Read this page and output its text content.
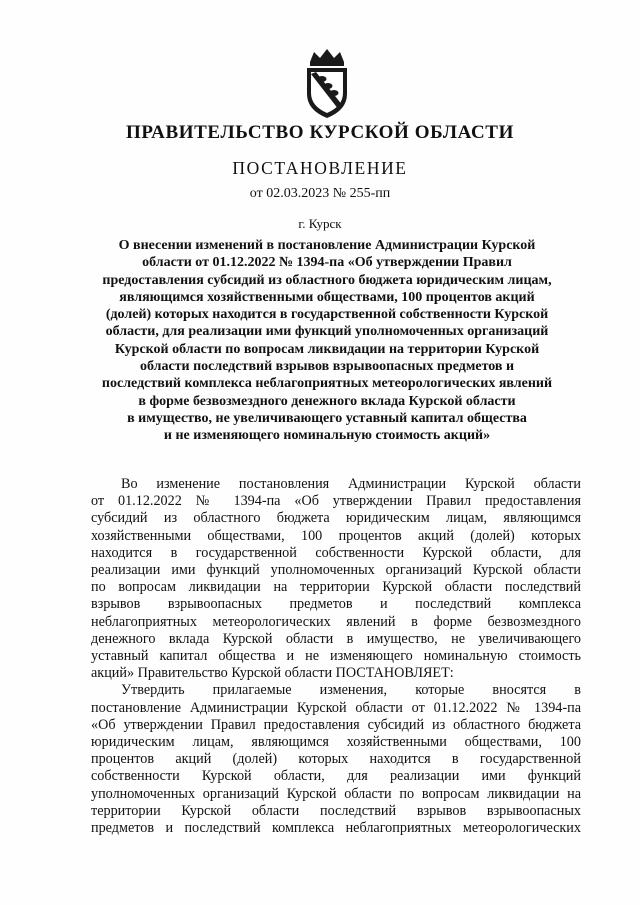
ПРАВИТЕЛЬСТВО КУРСКОЙ ОБЛАСТИ
ПОСТАНОВЛЕНИЕ
от 02.03.2023 № 255-пп
г. Курск
О внесении изменений в постановление Администрации Курской
области от 01.12.2022 № 1394-па «Об утверждении Правил
предоставления субсидий из областного бюджета юридическим лицам,
являющимся хозяйственными обществами, 100 процентов акций
(долей) которых находится в государственной собственности Курской
области, для реализации ими функций уполномоченных организаций
Курской области по вопросам ликвидации на территории Курской
области последствий взрывов взрывоопасных предметов и
последствий комплекса неблагоприятных метеорологических явлений
в форме безвозмездного денежного вклада Курской области
в имущество, не увеличивающего уставный капитал общества
и не изменяющего номинальную стоимость акций»
Во изменение постановления Администрации Курской области
от 01.12.2022 № 1394-па «Об утверждении Правил предоставления
субсидий из областного бюджета юридическим лицам, являющимся
хозяйственными обществами, 100 процентов акций (долей) которых
находится в государственной собственности Курской области, для
реализации ими функций уполномоченных организаций Курской области
по вопросам ликвидации на территории Курской области последствий
взрывов взрывоопасных предметов и последствий комплекса
неблагоприятных метеорологических явлений в форме безвозмездного
денежного вклада Курской области в имущество, не увеличивающего
уставный капитал общества и не изменяющего номинальную стоимость
акций» Правительство Курской области ПОСТАНОВЛЯЕТ:
Утвердить прилагаемые изменения, которые вносятся в
постановление Администрации Курской области от 01.12.2022 № 1394-па
«Об утверждении Правил предоставления субсидий из областного бюджета
юридическим лицам, являющимся хозяйственными обществами, 100
процентов акций (долей) которых находится в государственной
собственности Курской области, для реализации ими функций
уполномоченных организаций Курской области по вопросам ликвидации на
территории Курской области последствий взрывов взрывоопасных
предметов и последствий комплекса неблагоприятных метеорологических
